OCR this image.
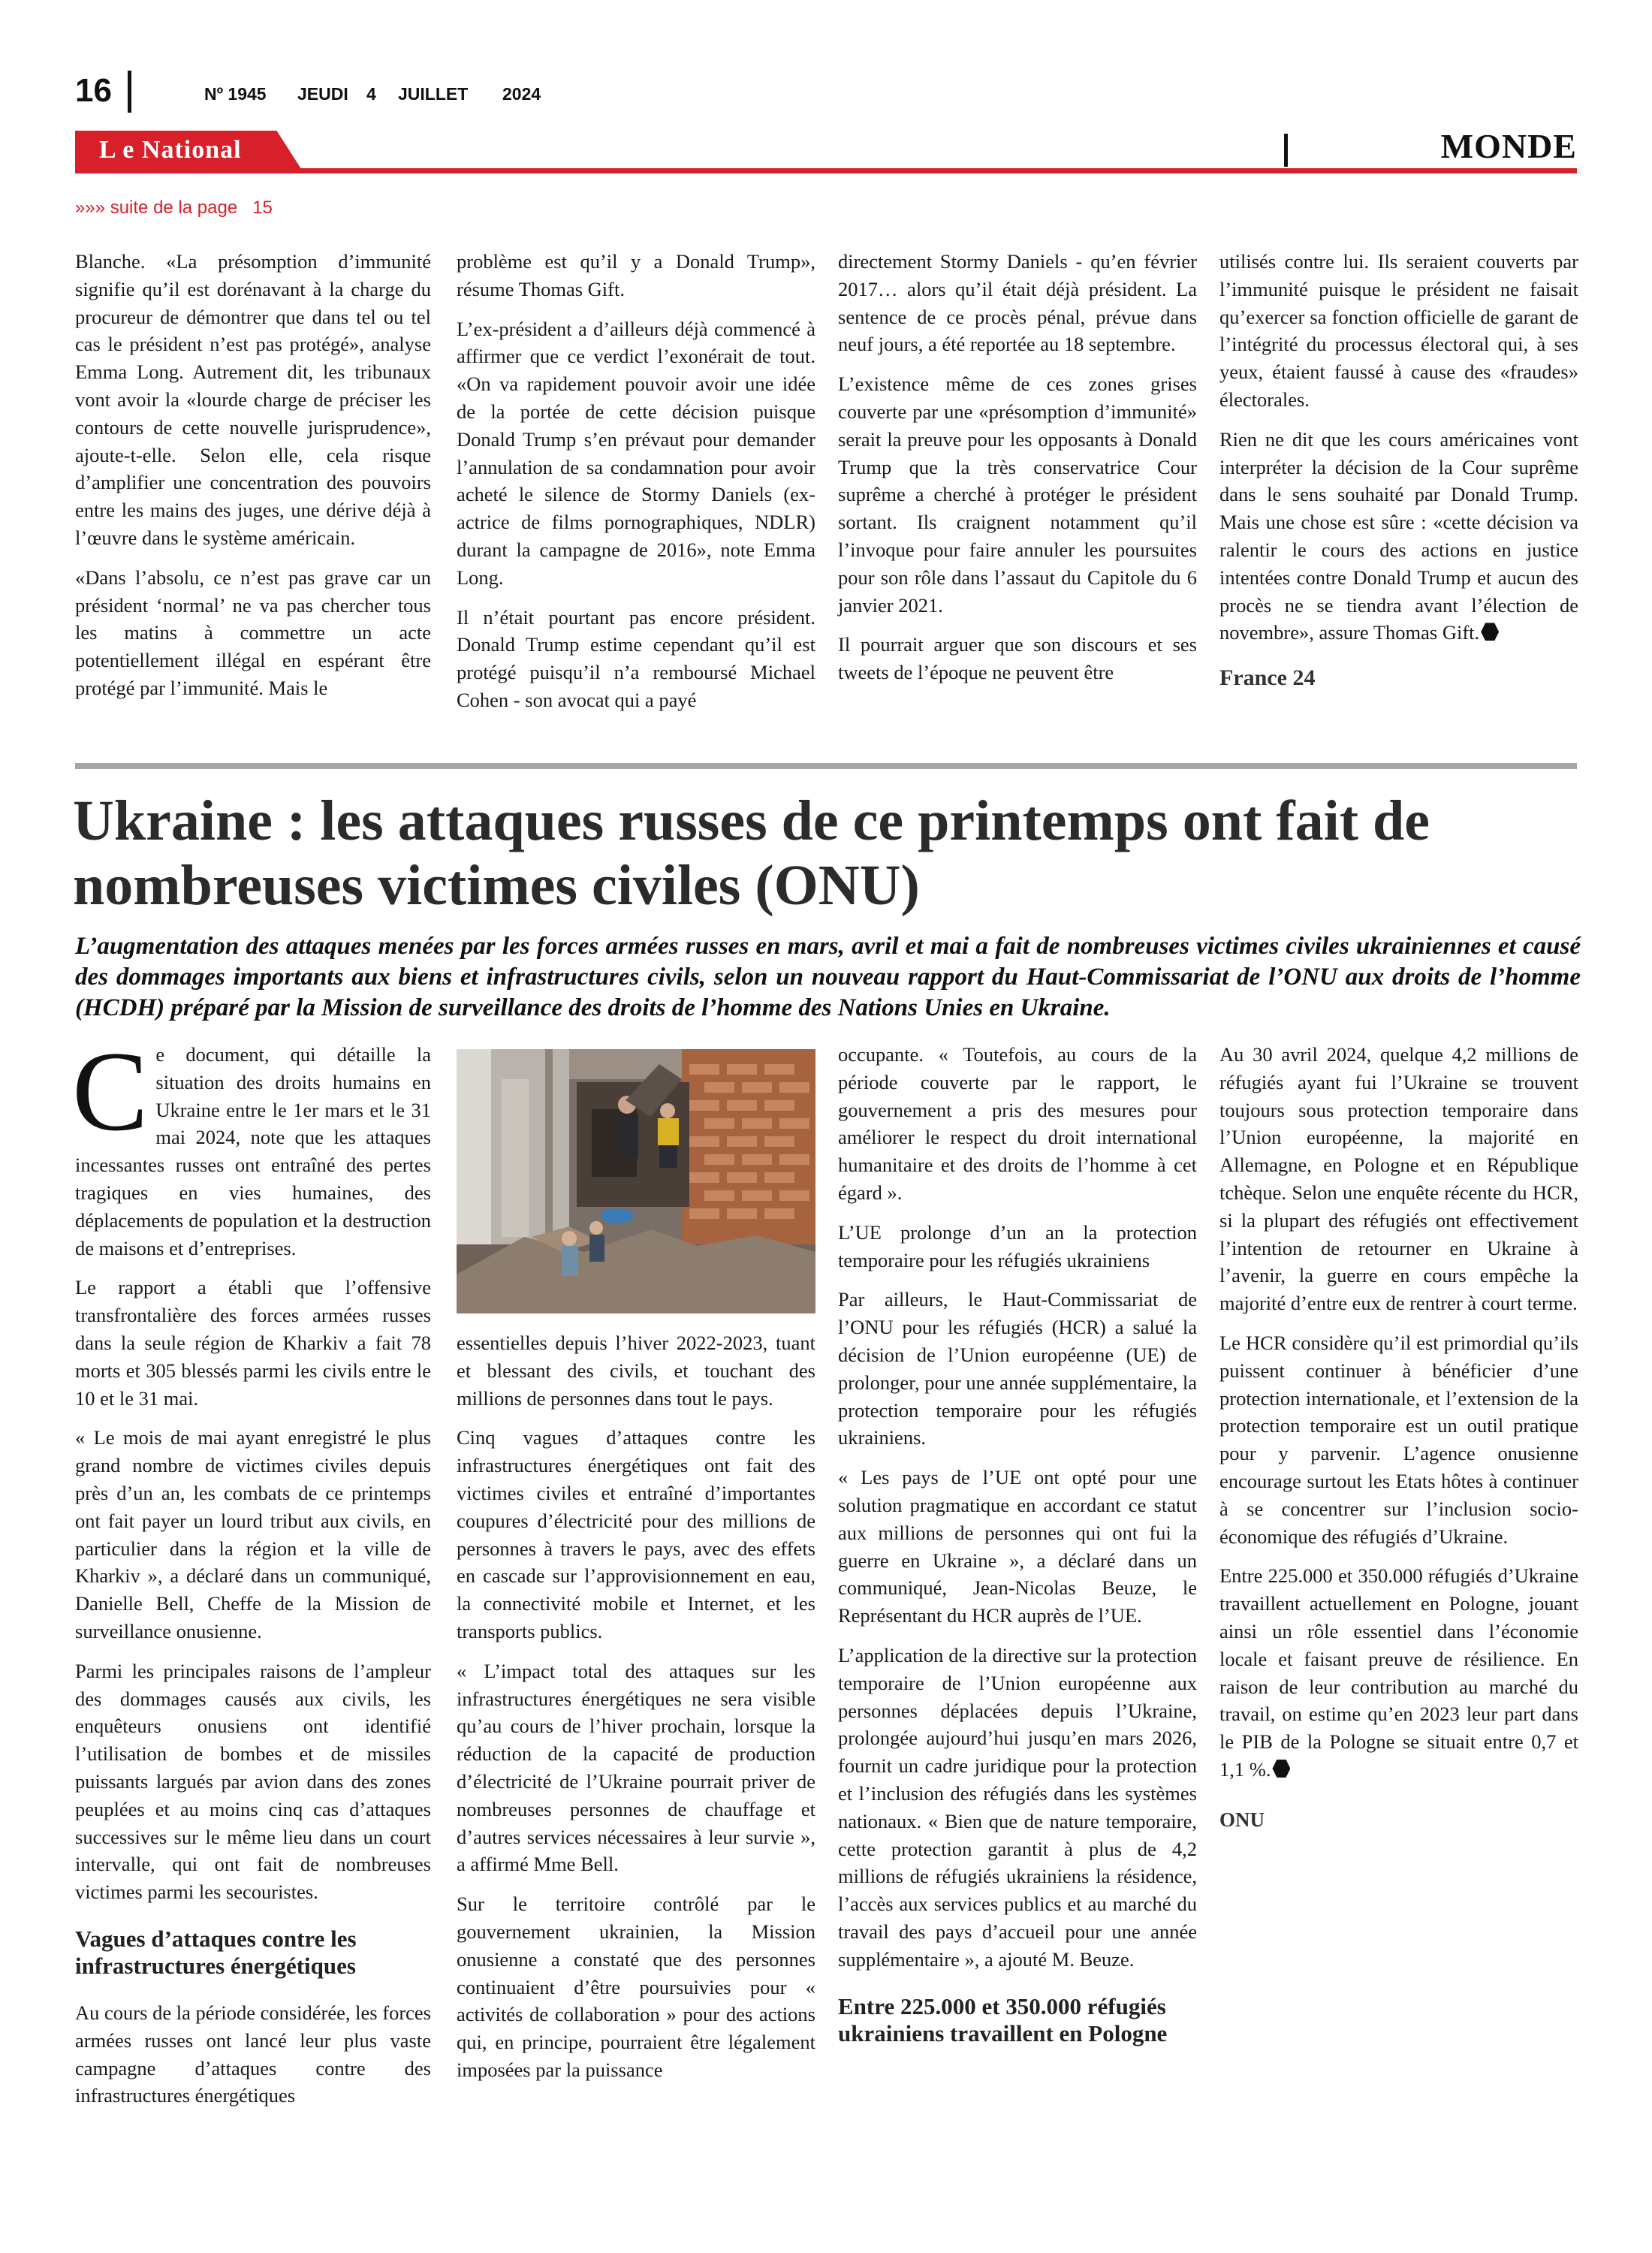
16	Nº 1945 JEUDI 4 JUILLET 2024
L e National	MONDE
»»» suite de la page 15

Blanche. «La présomption d’immunité signifie qu’il est dorénavant à la charge du procureur de démontrer que dans tel ou tel cas le président n’est pas protégé», analyse Emma Long. Autrement dit, les tribunaux vont avoir la «lourde charge de préciser les contours de cette nouvelle jurisprudence», ajoute-t-elle. Selon elle, cela risque d’amplifier une concentration des pouvoirs entre les mains des juges, une dérive déjà à l’œuvre dans le système américain.

«Dans l’absolu, ce n’est pas grave car un président ‘normal’ ne va pas chercher tous les matins à commettre un acte potentiellement illégal en espérant être protégé par l’immunité. Mais le

problème est qu’il y a Donald Trump», résume Thomas Gift.

L’ex-président a d’ailleurs déjà commencé à affirmer que ce verdict l’exonérait de tout. «On va rapidement pouvoir avoir une idée de la portée de cette décision puisque Donald Trump s’en prévaut pour demander l’annulation de sa condamnation pour avoir acheté le silence de Stormy Daniels (ex-actrice de films pornographiques, NDLR) durant la campagne de 2016», note Emma Long.

Il n’était pourtant pas encore président. Donald Trump estime cependant qu’il est protégé puisqu’il n’a remboursé Michael Cohen - son avocat qui a payé

directement Stormy Daniels - qu’en février 2017… alors qu’il était déjà président. La sentence de ce procès pénal, prévue dans neuf jours, a été reportée au 18 septembre.

L’existence même de ces zones grises couverte par une «présomption d’immunité» serait la preuve pour les opposants à Donald Trump que la très conservatrice Cour suprême a cherché à protéger le président sortant. Ils craignent notamment qu’il l’invoque pour faire annuler les poursuites pour son rôle dans l’assaut du Capitole du 6 janvier 2021.

Il pourrait arguer que son discours et ses tweets de l’époque ne peuvent être

utilisés contre lui. Ils seraient couverts par l’immunité puisque le président ne faisait qu’exercer sa fonction officielle de garant de l’intégrité du processus électoral qui, à ses yeux, étaient faussé à cause des «fraudes» électorales.

Rien ne dit que les cours américaines vont interpréter la décision de la Cour suprême dans le sens souhaité par Donald Trump. Mais une chose est sûre : «cette décision va ralentir le cours des actions en justice intentées contre Donald Trump et aucun des procès ne se tiendra avant l’élection de novembre», assure Thomas Gift.

France 24
Ukraine : les attaques russes de ce printemps ont fait de nombreuses victimes civiles (ONU)

L’augmentation des attaques menées par les forces armées russes en mars, avril et mai a fait de nombreuses victimes civiles ukrainiennes et causé des dommages importants aux biens et infrastructures civils, selon un nouveau rapport du Haut-Commissariat de l’ONU aux droits de l’homme (HCDH) préparé par la Mission de surveillance des droits de l’homme des Nations Unies en Ukraine.

Ce document, qui détaille la situation des droits humains en Ukraine entre le 1er mars et le 31 mai 2024, note que les attaques incessantes russes ont entraîné des pertes tragiques en vies humaines, des déplacements de population et la destruction de maisons et d’entreprises.

Le rapport a établi que l’offensive transfrontalière des forces armées russes dans la seule région de Kharkiv a fait 78 morts et 305 blessés parmi les civils entre le 10 et le 31 mai.

« Le mois de mai ayant enregistré le plus grand nombre de victimes civiles depuis près d’un an, les combats de ce printemps ont fait payer un lourd tribut aux civils, en particulier dans la région et la ville de Kharkiv », a déclaré dans un communiqué, Danielle Bell, Cheffe de la Mission de surveillance onusienne.

Parmi les principales raisons de l’ampleur des dommages causés aux civils, les enquêteurs onusiens ont identifié l’utilisation de bombes et de missiles puissants largués par avion dans des zones peuplées et au moins cinq cas d’attaques successives sur le même lieu dans un court intervalle, qui ont fait de nombreuses victimes parmi les secouristes.

Vagues d’attaques contre les infrastructures énergétiques

Au cours de la période considérée, les forces armées russes ont lancé leur plus vaste campagne d’attaques contre des infrastructures énergétiques

essentielles depuis l’hiver 2022-2023, tuant et blessant des civils, et touchant des millions de personnes dans tout le pays.

Cinq vagues d’attaques contre les infrastructures énergétiques ont fait des victimes civiles et entraîné d’importantes coupures d’électricité pour des millions de personnes à travers le pays, avec des effets en cascade sur l’approvisionnement en eau, la connectivité mobile et Internet, et les transports publics.

« L’impact total des attaques sur les infrastructures énergétiques ne sera visible qu’au cours de l’hiver prochain, lorsque la réduction de la capacité de production d’électricité de l’Ukraine pourrait priver de nombreuses personnes de chauffage et d’autres services nécessaires à leur survie », a affirmé Mme Bell.

Sur le territoire contrôlé par le gouvernement ukrainien, la Mission onusienne a constaté que des personnes continuaient d’être poursuivies pour « activités de collaboration » pour des actions qui, en principe, pourraient être légalement imposées par la puissance

occupante. « Toutefois, au cours de la période couverte par le rapport, le gouvernement a pris des mesures pour améliorer le respect du droit international humanitaire et des droits de l’homme à cet égard ».

L’UE prolonge d’un an la protection temporaire pour les réfugiés ukrainiens

Par ailleurs, le Haut-Commissariat de l’ONU pour les réfugiés (HCR) a salué la décision de l’Union européenne (UE) de prolonger, pour une année supplémentaire, la protection temporaire pour les réfugiés ukrainiens.

« Les pays de l’UE ont opté pour une solution pragmatique en accordant ce statut aux millions de personnes qui ont fui la guerre en Ukraine », a déclaré dans un communiqué, Jean-Nicolas Beuze, le Représentant du HCR auprès de l’UE.

L’application de la directive sur la protection temporaire de l’Union européenne aux personnes déplacées depuis l’Ukraine, prolongée aujourd’hui jusqu’en mars 2026, fournit un cadre juridique pour la protection et l’inclusion des réfugiés dans les systèmes nationaux. « Bien que de nature temporaire, cette protection garantit à plus de 4,2 millions de réfugiés ukrainiens la résidence, l’accès aux services publics et au marché du travail des pays d’accueil pour une année supplémentaire », a ajouté M. Beuze.

Entre 225.000 et 350.000 réfugiés ukrainiens travaillent en Pologne

Au 30 avril 2024, quelque 4,2 millions de réfugiés ayant fui l’Ukraine se trouvent toujours sous protection temporaire dans l’Union européenne, la majorité en Allemagne, en Pologne et en République tchèque. Selon une enquête récente du HCR, si la plupart des réfugiés ont effectivement l’intention de retourner en Ukraine à l’avenir, la guerre en cours empêche la majorité d’entre eux de rentrer à court terme.

Le HCR considère qu’il est primordial qu’ils puissent continuer à bénéficier d’une protection internationale, et l’extension de la protection temporaire est un outil pratique pour y parvenir. L’agence onusienne encourage surtout les Etats hôtes à continuer à se concentrer sur l’inclusion socio-économique des réfugiés d’Ukraine.

Entre 225.000 et 350.000 réfugiés d’Ukraine travaillent actuellement en Pologne, jouant ainsi un rôle essentiel dans l’économie locale et faisant preuve de résilience. En raison de leur contribution au marché du travail, on estime qu’en 2023 leur part dans le PIB de la Pologne se situait entre 0,7 et 1,1 %.

ONU
